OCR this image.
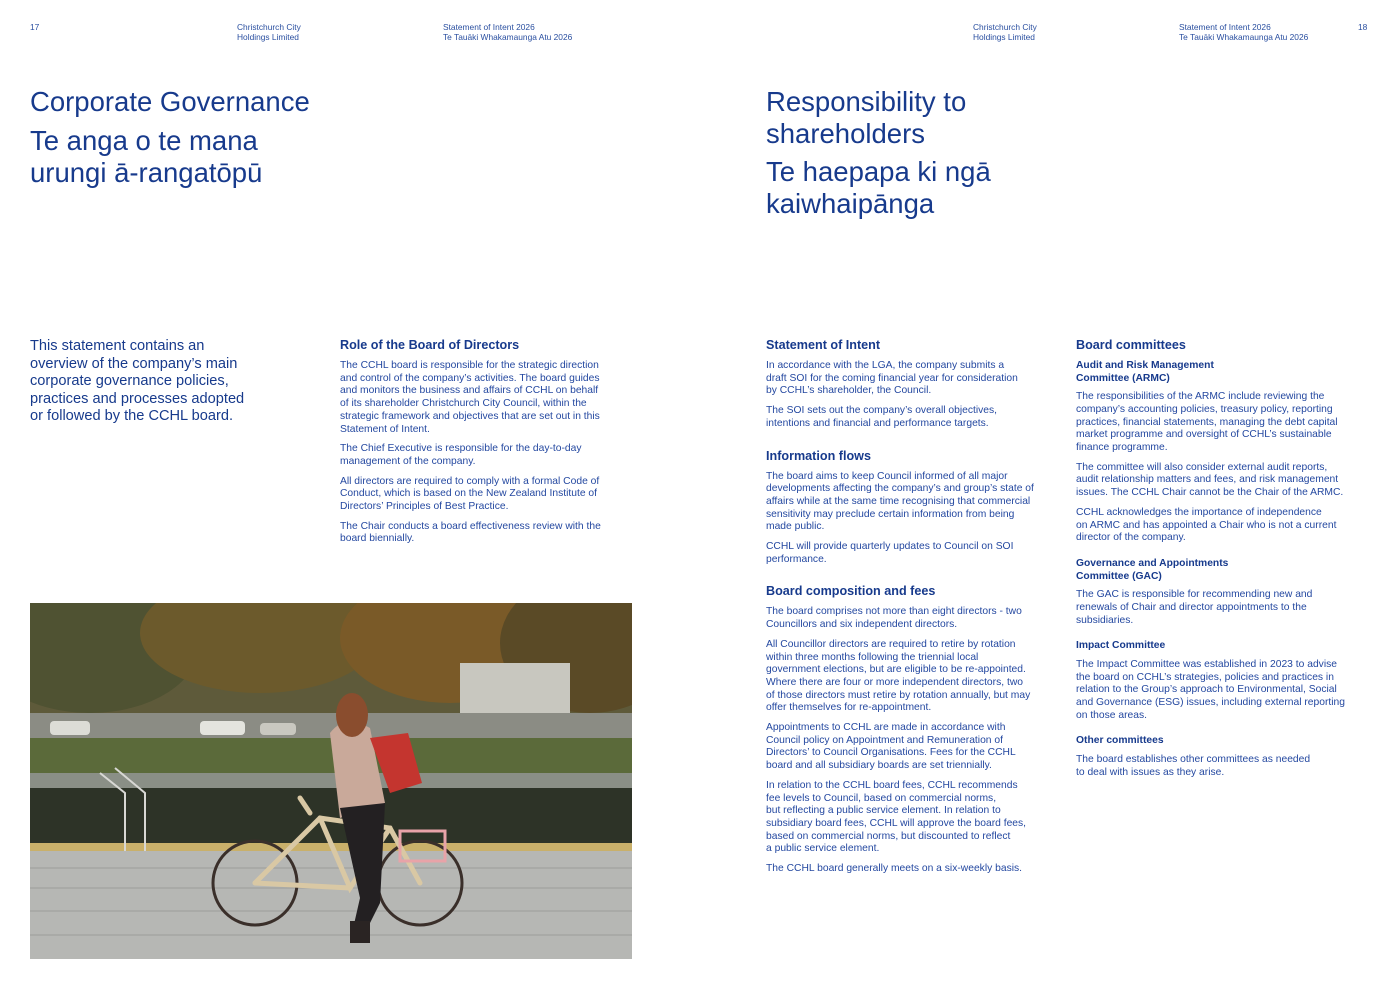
17	Christchurch City
Holdings Limited
Statement of Intent 2026
Te Tauāki Whakamaunga Atu 2026
Corporate Governance
Te anga o te mana
urungi ā-rangatōpū

This statement contains an
overview of the company’s main
corporate governance policies,
practices and processes adopted
or followed by the CCHL board.

Role of the Board of Directors

The CCHL board is responsible for the strategic direction
and control of the company’s activities. The board guides
and monitors the business and affairs of CCHL on behalf
of its shareholder Christchurch City Council, within the
strategic framework and objectives that are set out in this
Statement of Intent.

The Chief Executive is responsible for the day-to-day
management of the company.

All directors are required to comply with a formal Code of
Conduct, which is based on the New Zealand Institute of
Directors’ Principles of Best Practice.

The Chair conducts a board effectiveness review with the
board biennially.

Christchurch City
Holdings Limited
Statement of Intent 2026
Te Tauāki Whakamaunga Atu 2026
18
Responsibility to
shareholders
Te haepapa ki ngā
kaiwhaipānga
Statement of Intent

In accordance with the LGA, the company submits a
draft SOI for the coming financial year for consideration
by CCHL’s shareholder, the Council.

The SOI sets out the company’s overall objectives,
intentions and financial and performance targets.

Information flows

The board aims to keep Council informed of all major
developments affecting the company’s and group’s state of
affairs while at the same time recognising that commercial
sensitivity may preclude certain information from being
made public.

CCHL will provide quarterly updates to Council on SOI
performance.

Board composition and fees

The board comprises not more than eight directors - two
Councillors and six independent directors.

All Councillor directors are required to retire by rotation
within three months following the triennial local
government elections, but are eligible to be re-appointed.
Where there are four or more independent directors, two
of those directors must retire by rotation annually, but may
offer themselves for re-appointment.

Appointments to CCHL are made in accordance with
Council policy on Appointment and Remuneration of
Directors’ to Council Organisations. Fees for the CCHL
board and all subsidiary boards are set triennially.

In relation to the CCHL board fees, CCHL recommends
fee levels to Council, based on commercial norms,
but reflecting a public service element. In relation to
subsidiary board fees, CCHL will approve the board fees,
based on commercial norms, but discounted to reflect
a public service element.

The CCHL board generally meets on a six-weekly basis.

Board committees
Audit and Risk Management
Committee (ARMC)

The responsibilities of the ARMC include reviewing the
company’s accounting policies, treasury policy, reporting
practices, financial statements, managing the debt capital
market programme and oversight of CCHL’s sustainable
finance programme.

The committee will also consider external audit reports,
audit relationship matters and fees, and risk management
issues. The CCHL Chair cannot be the Chair of the ARMC.

CCHL acknowledges the importance of independence
on ARMC and has appointed a Chair who is not a current
director of the company.

Governance and Appointments
Committee (GAC)

The GAC is responsible for recommending new and
renewals of Chair and director appointments to the
subsidiaries.

Impact Committee

The Impact Committee was established in 2023 to advise
the board on CCHL’s strategies, policies and practices in
relation to the Group’s approach to Environmental, Social
and Governance (ESG) issues, including external reporting
on those areas.

Other committees

The board establishes other committees as needed
to deal with issues as they arise.
